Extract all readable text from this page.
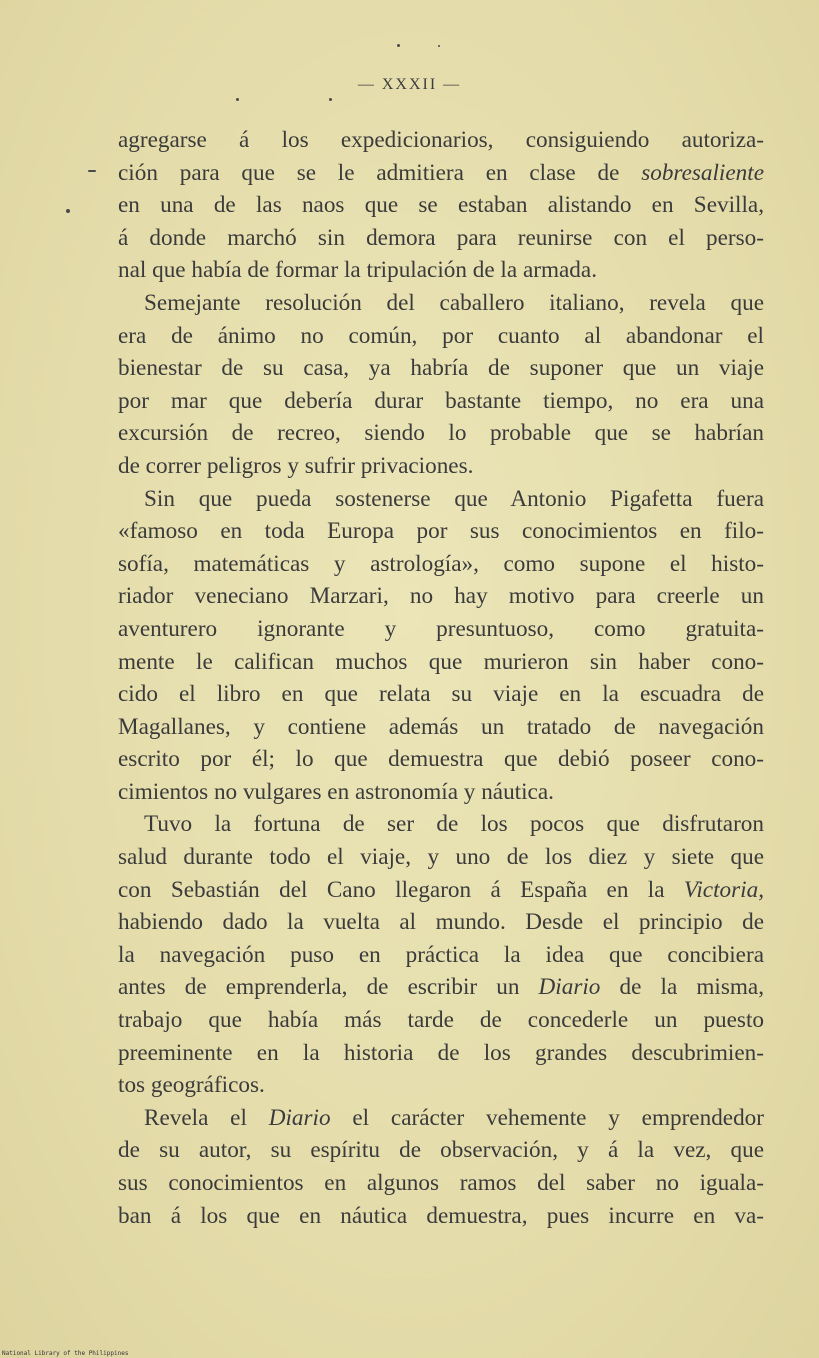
— XXXII —
agregarse á los expedicionarios, consiguiendo autoriza-
ción para que se le admitiera en clase de sobresaliente
en una de las naos que se estaban alistando en Sevilla,
á donde marchó sin demora para reunirse con el perso-
nal que había de formar la tripulación de la armada.
Semejante resolución del caballero italiano, revela que
era de ánimo no común, por cuanto al abandonar el
bienestar de su casa, ya habría de suponer que un viaje
por mar que debería durar bastante tiempo, no era una
excursión de recreo, siendo lo probable que se habrían
de correr peligros y sufrir privaciones.
Sin que pueda sostenerse que Antonio Pigafetta fuera
«famoso en toda Europa por sus conocimientos en filo-
sofía, matemáticas y astrología», como supone el histo-
riador veneciano Marzari, no hay motivo para creerle un
aventurero ignorante y presuntuoso, como gratuita-
mente le califican muchos que murieron sin haber cono-
cido el libro en que relata su viaje en la escuadra de
Magallanes, y contiene además un tratado de navegación
escrito por él; lo que demuestra que debió poseer cono-
cimientos no vulgares en astronomía y náutica.
Tuvo la fortuna de ser de los pocos que disfrutaron
salud durante todo el viaje, y uno de los diez y siete que
con Sebastián del Cano llegaron á España en la Victoria,
habiendo dado la vuelta al mundo. Desde el principio de
la navegación puso en práctica la idea que concibiera
antes de emprenderla, de escribir un Diario de la misma,
trabajo que había más tarde de concederle un puesto
preeminente en la historia de los grandes descubrimien-
tos geográficos.
Revela el Diario el carácter vehemente y emprendedor
de su autor, su espíritu de observación, y á la vez, que
sus conocimientos en algunos ramos del saber no iguala-
ban á los que en náutica demuestra, pues incurre en va-
National Library of the Philippines
